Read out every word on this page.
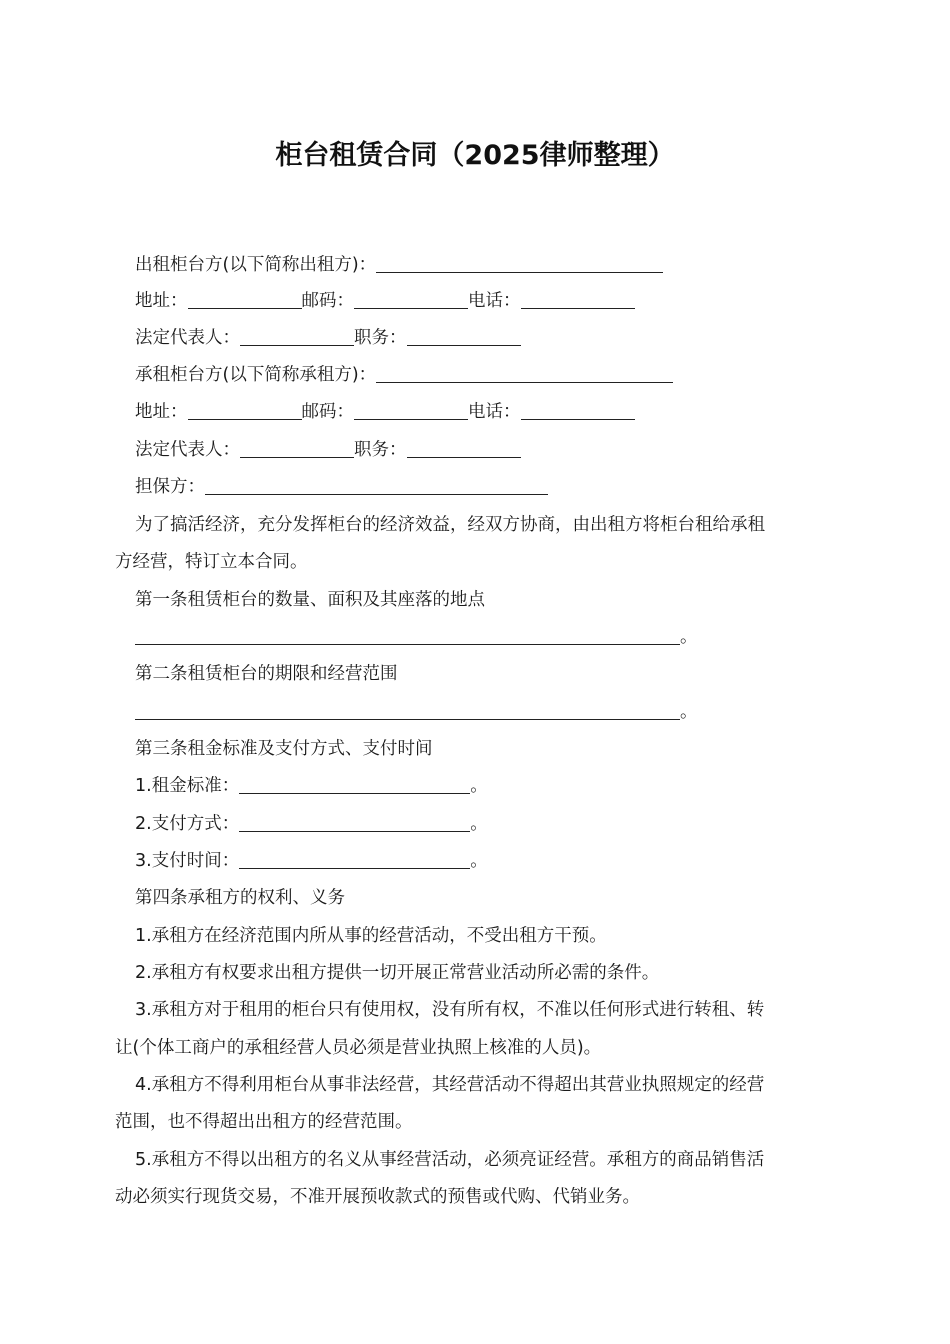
柜台租赁合同（2025律师整理）
出租柜台方(以下简称出租方)：
地址：	邮码：	电话：
法定代表人：	职务：
承租柜台方(以下简称承租方)：
地址：	邮码：	电话：
法定代表人：	职务：
担保方：
为了搞活经济，充分发挥柜台的经济效益，经双方协商，由出租方将柜台租给承租
方经营，特订立本合同。
第一条租赁柜台的数量、面积及其座落的地点
。
第二条租赁柜台的期限和经营范围
。
第三条租金标准及支付方式、支付时间
1.租金标准：	。
2.支付方式：	。
3.支付时间：	。
第四条承租方的权利、义务
1.承租方在经济范围内所从事的经营活动，不受出租方干预。
2.承租方有权要求出租方提供一切开展正常营业活动所必需的条件。
3.承租方对于租用的柜台只有使用权，没有所有权，不准以任何形式进行转租、转
让(个体工商户的承租经营人员必须是营业执照上核准的人员)。
4.承租方不得利用柜台从事非法经营，其经营活动不得超出其营业执照规定的经营
范围，也不得超出出租方的经营范围。
5.承租方不得以出租方的名义从事经营活动，必须亮证经营。承租方的商品销售活
动必须实行现货交易，不准开展预收款式的预售或代购、代销业务。
